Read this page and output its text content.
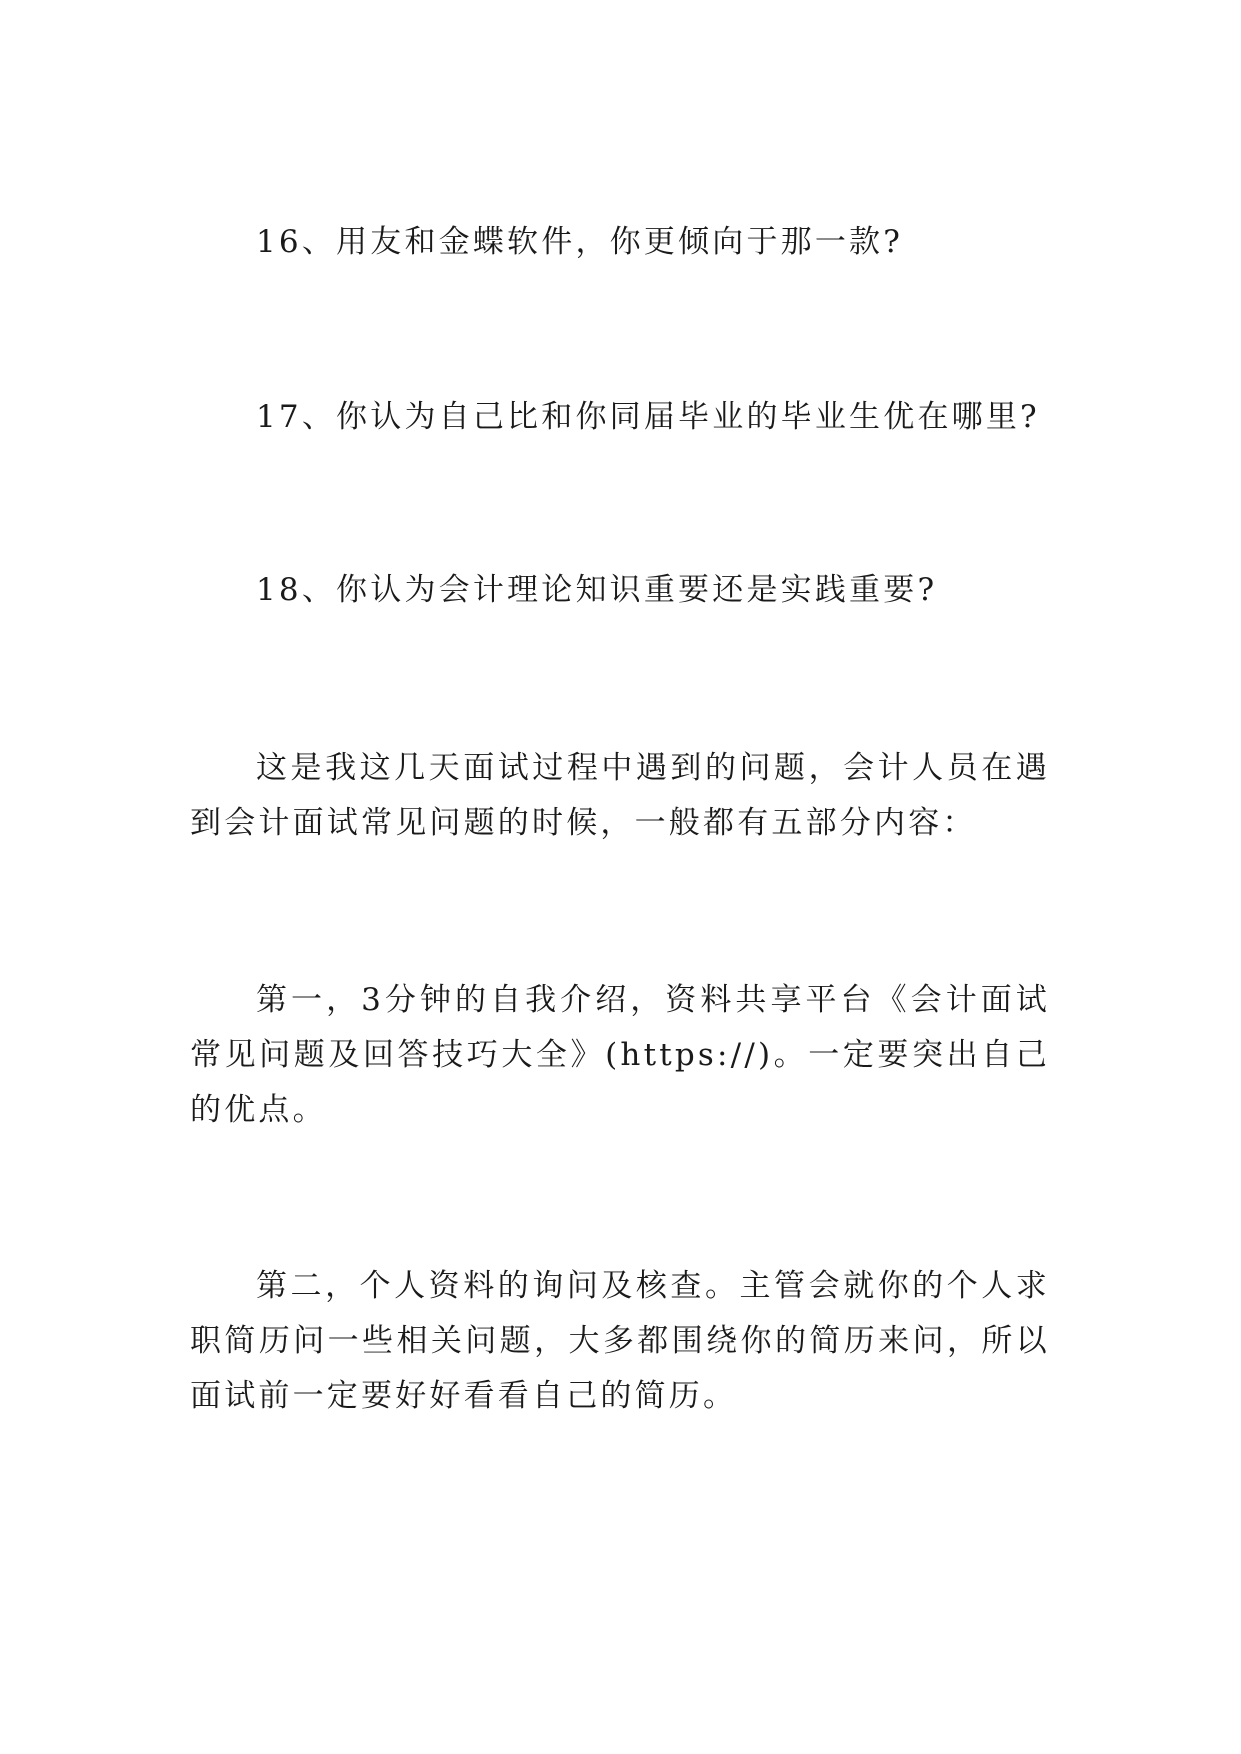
16、用友和金蝶软件，你更倾向于那一款?

17、你认为自己比和你同届毕业的毕业生优在哪里?

18、你认为会计理论知识重要还是实践重要?

这是我这几天面试过程中遇到的问题，会计人员在遇到会计面试常见问题的时候，一般都有五部分内容：

第一，3分钟的自我介绍，资料共享平台《会计面试常见问题及回答技巧大全》(https://)。一定要突出自己的优点。

第二，个人资料的询问及核查。主管会就你的个人求职简历问一些相关问题，大多都围绕你的简历来问，所以面试前一定要好好看看自己的简历。
